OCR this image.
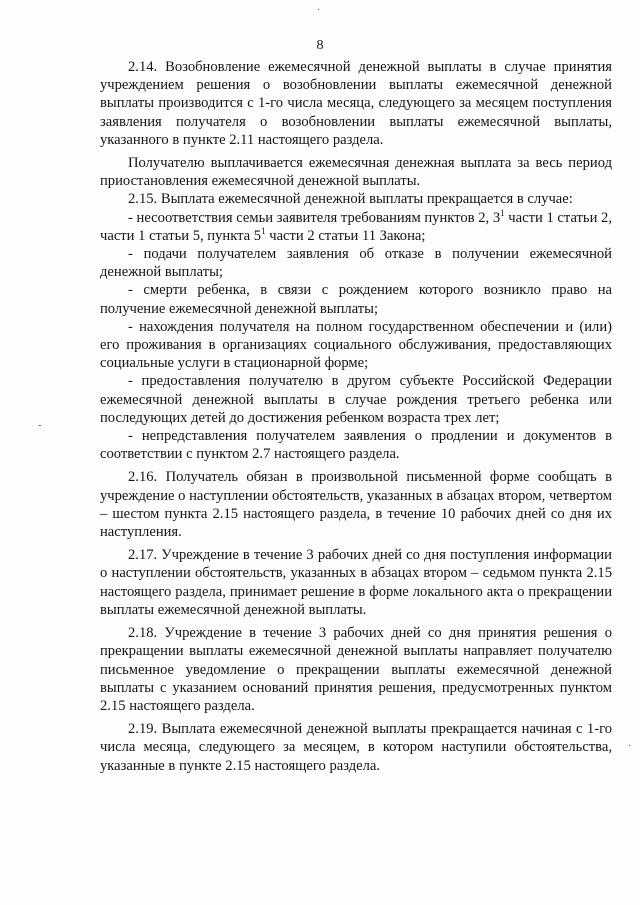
8

2.14. Возобновление ежемесячной денежной выплаты в случае принятия учреждением решения о возобновлении выплаты ежемесячной денежной выплаты производится с 1-го числа месяца, следующего за месяцем поступления заявления получателя о возобновлении выплаты ежемесячной выплаты, указанного в пункте 2.11 настоящего раздела.

Получателю выплачивается ежемесячная денежная выплата за весь период приостановления ежемесячной денежной выплаты.

2.15. Выплата ежемесячной денежной выплаты прекращается в случае:

- несоответствия семьи заявителя требованиям пунктов 2, $3^1$ части 1 статьи 2, части 1 статьи 5, пункта $5^1$ части 2 статьи 11 Закона;

- подачи получателем заявления об отказе в получении ежемесячной денежной выплаты;

- смерти ребенка, в связи с рождением которого возникло право на получение ежемесячной денежной выплаты;

- нахождения получателя на полном государственном обеспечении и (или) его проживания в организациях социального обслуживания, предоставляющих социальные услуги в стационарной форме;

- предоставления получателю в другом субъекте Российской Федерации ежемесячной денежной выплаты в случае рождения третьего ребенка или последующих детей до достижения ребенком возраста трех лет;

- непредставления получателем заявления о продлении и документов в соответствии с пунктом 2.7 настоящего раздела.

2.16. Получатель обязан в произвольной письменной форме сообщать в учреждение о наступлении обстоятельств, указанных в абзацах втором, четвертом – шестом пункта 2.15 настоящего раздела, в течение 10 рабочих дней со дня их наступления.

2.17. Учреждение в течение 3 рабочих дней со дня поступления информации о наступлении обстоятельств, указанных в абзацах втором – седьмом пункта 2.15 настоящего раздела, принимает решение в форме локального акта о прекращении выплаты ежемесячной денежной выплаты.

2.18. Учреждение в течение 3 рабочих дней со дня принятия решения о прекращении выплаты ежемесячной денежной выплаты направляет получателю письменное уведомление о прекращении выплаты ежемесячной денежной выплаты с указанием оснований принятия решения, предусмотренных пунктом 2.15 настоящего раздела.

2.19. Выплата ежемесячной денежной выплаты прекращается начиная с 1-го числа месяца, следующего за месяцем, в котором наступили обстоятельства, указанные в пункте 2.15 настоящего раздела.

·
-
·
